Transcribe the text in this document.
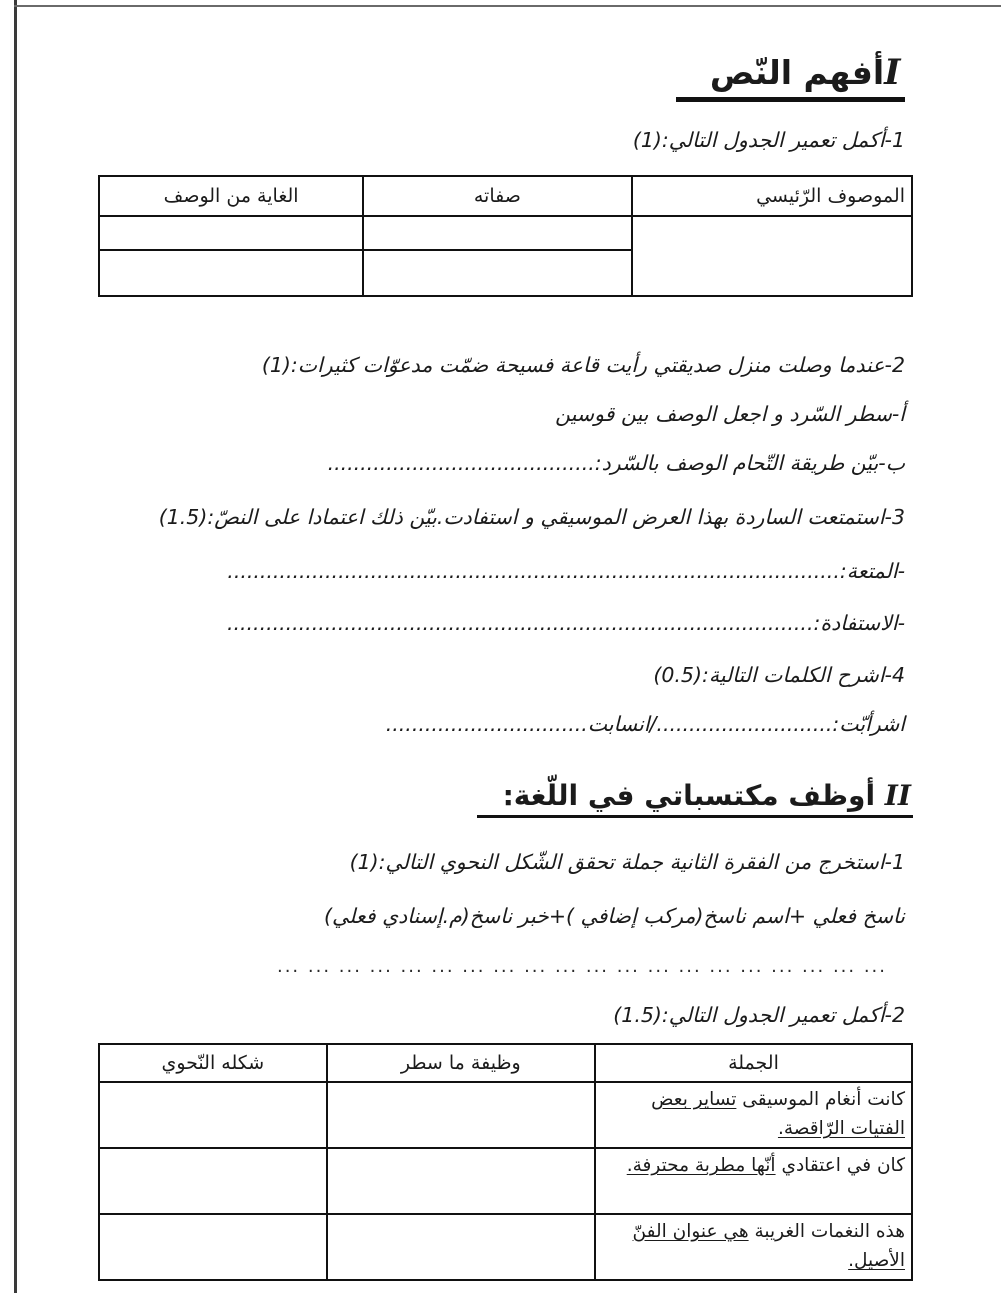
Iأفهم النّص
1-أكمل تعمير الجدول التالي:(1)
الموصوف الرّئيسي	صفاته	الغاية من الوصف

2-عندما وصلت منزل صديقتي رأيت قاعة فسيحة ضمّت مدعوّات كثيرات:(1)
أ-سطر السّرد و اجعل الوصف بين قوسين
ب-بيّن طريقة التّحام الوصف بالسّرد:.........................................
3-استمتعت الساردة بهذا العرض الموسيقي و استفادت.بيّن ذلك اعتمادا على النصّ:(1.5)
-المتعة:..............................................................................................
-الاستفادة:..........................................................................................
4-اشرح الكلمات التالية:(0.5)
اشرأبّت:.........................../انسابت...............................
II أوظف مكتسباتي في اللّغة:
1-استخرج من الفقرة الثانية جملة تحقق الشّكل النحوي التالي:(1)
ناسخ فعلي +اسم ناسخ(مركب إضافي )+خبر ناسخ(م.إسنادي فعلي)
... ... ... ... ... ... ... ... ... ... ... ... ... ... ... ... ... ... ... ...
2-أكمل تعمير الجدول التالي:(1.5)
الجملة	وظيفة ما سطر	شكله النّحوي
كانت أنغام الموسيقى تساير بعض الفتيات الرّاقصة.		
كان في اعتقادي أنّها مطربة محترفة.		
هذه النغمات الغريبة هي عنوان الفنّ الأصيل.		
